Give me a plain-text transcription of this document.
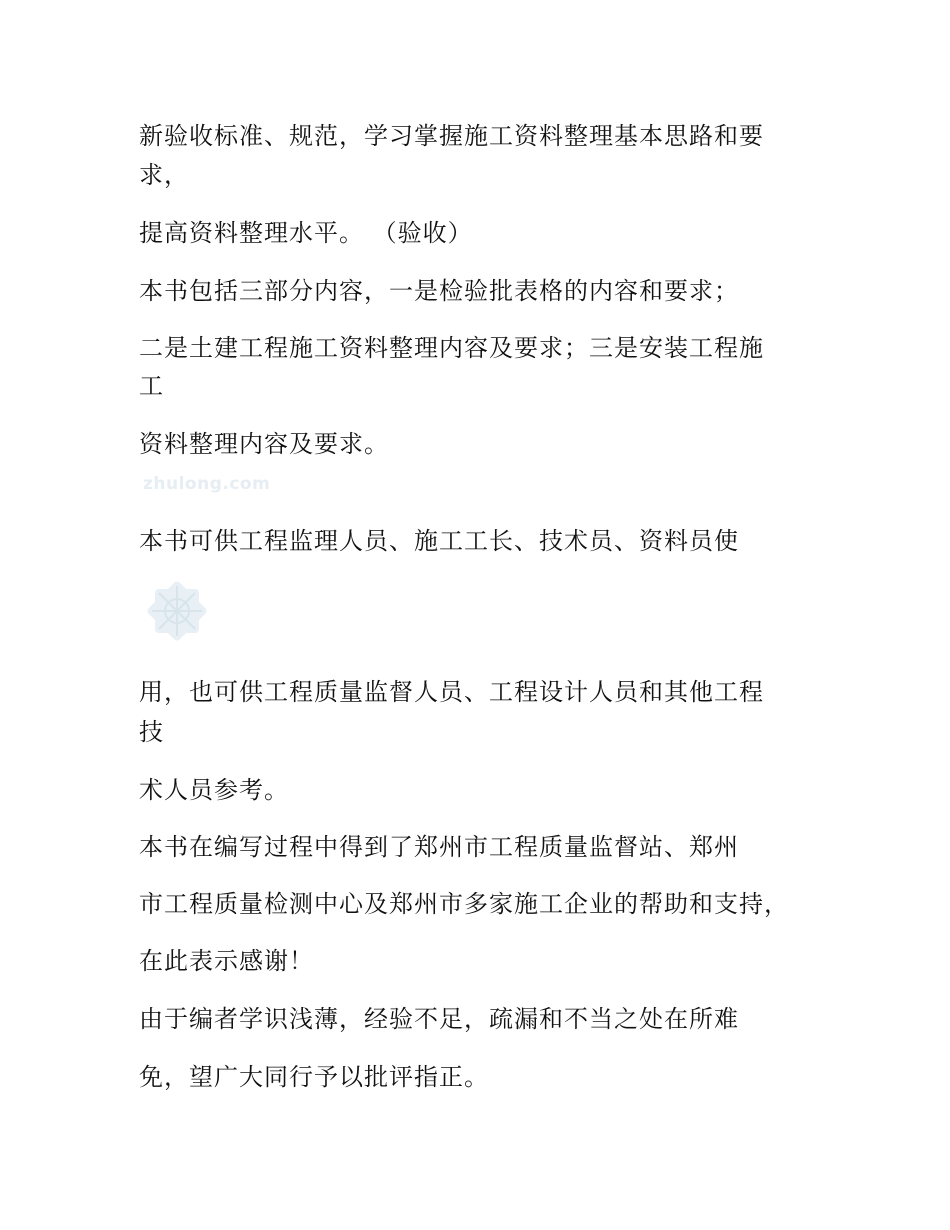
新验收标准、规范，学习掌握施工资料整理基本思路和要

求，

提高资料整理水平。 （验收）

本书包括三部分内容，一是检验批表格的内容和要求；

二是土建工程施工资料整理内容及要求；三是安装工程施

工

资料整理内容及要求。

zhulong.com

本书可供工程监理人员、施工工长、技术员、资料员使

用，也可供工程质量监督人员、工程设计人员和其他工程

技

术人员参考。

本书在编写过程中得到了郑州市工程质量监督站、郑州

市工程质量检测中心及郑州市多家施工企业的帮助和支持，

在此表示感谢！

由于编者学识浅薄，经验不足，疏漏和不当之处在所难

免，望广大同行予以批评指正。
